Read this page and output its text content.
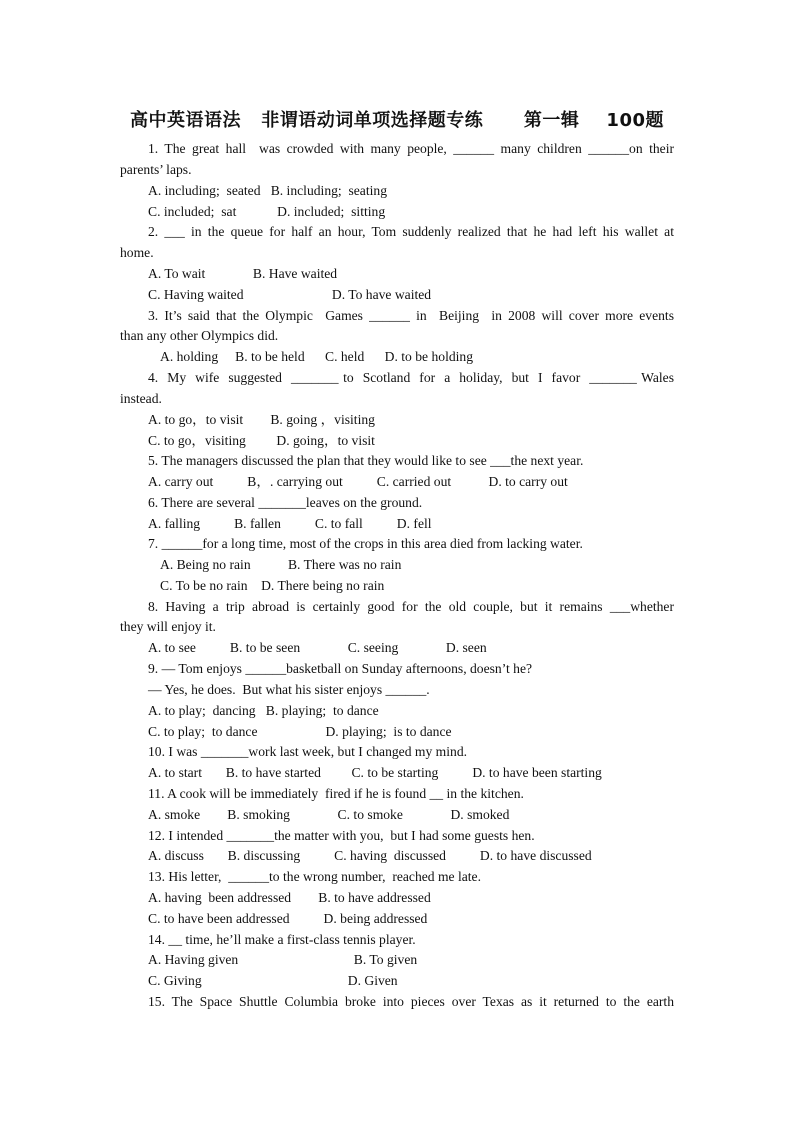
高中英语语法   非谓语动词单项选择题专练      第一辑    100题
1. The great hall  was crowded with many people, ______ many children ______on their
parents’ laps.
A. including;  seated   B. including;  seating
C. included;  sat            D. included;  sitting
2. ___ in the queue for half an hour, Tom suddenly realized that he had left his wallet at
home.
A. To wait              B. Have waited
C. Having waited                          D. To have waited
3. It’s said that the Olympic  Games ______ in  Beijing  in 2008 will cover more events
than any other Olympics did.
A. holding     B. to be held      C. held      D. to be holding
4.  My  wife  suggested  _______ to  Scotland  for  a  holiday,  but  I  favor  _______ Wales
instead.
A. to go，to visit        B. going ，visiting
C. to go，visiting         D. going，to visit
5. The managers discussed the plan that they would like to see ___the next year.
A. carry out          B，. carrying out          C. carried out           D. to carry out
6. There are several _______leaves on the ground.
A. falling          B. fallen          C. to fall          D. fell
7. ______for a long time, most of the crops in this area died from lacking water.
A. Being no rain           B. There was no rain
C. To be no rain    D. There being no rain
8. Having a trip abroad is certainly good for the old couple, but it remains ___whether
they will enjoy it.
A. to see          B. to be seen              C. seeing              D. seen
9. — Tom enjoys ______basketball on Sunday afternoons, doesn’t he?
— Yes, he does.  But what his sister enjoys ______.
A. to play;  dancing   B. playing;  to dance
C. to play;  to dance                    D. playing;  is to dance
10. I was _______work last week, but I changed my mind.
A. to start       B. to have started         C. to be starting          D. to have been starting
11. A cook will be immediately  fired if he is found __ in the kitchen.
A. smoke        B. smoking              C. to smoke              D. smoked
12. I intended _______the matter with you,  but I had some guests hen.
A. discuss       B. discussing          C. having  discussed          D. to have discussed
13. His letter,  ______to the wrong number,  reached me late.
A. having  been addressed        B. to have addressed
C. to have been addressed          D. being addressed
14. __ time, he’ll make a first-class tennis player.
A. Having given                                  B. To given
C. Giving                                           D. Given
15. The Space Shuttle Columbia broke into pieces over Texas as it returned to the earth
